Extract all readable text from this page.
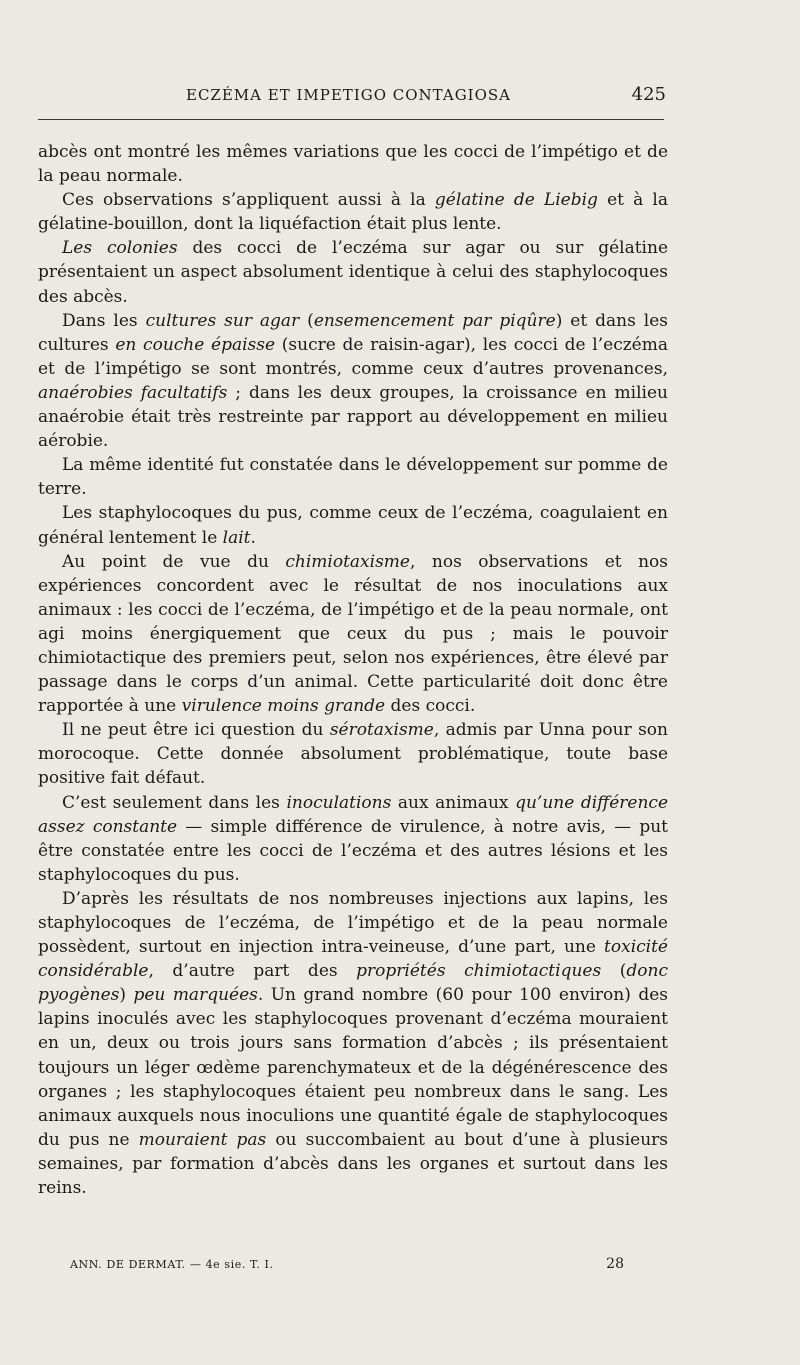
ECZÉMA ET IMPETIGO CONTAGIOSA	425

abcès ont montré les mêmes variations que les cocci de l’impétigo et de la peau normale.

Ces observations s’appliquent aussi à la gélatine de Liebig et à la gélatine-bouillon, dont la liquéfaction était plus lente.

Les colonies des cocci de l’eczéma sur agar ou sur gélatine présentaient un aspect absolument identique à celui des staphylocoques des abcès.

Dans les cultures sur agar (ensemencement par piqûre) et dans les cultures en couche épaisse (sucre de raisin-agar), les cocci de l’eczéma et de l’impétigo se sont montrés, comme ceux d’autres provenances, anaérobies facultatifs ; dans les deux groupes, la croissance en milieu anaérobie était très restreinte par rapport au développement en milieu aérobie.

La même identité fut constatée dans le développement sur pomme de terre.

Les staphylocoques du pus, comme ceux de l’eczéma, coagulaient en général lentement le lait.

Au point de vue du chimiotaxisme, nos observations et nos expériences concordent avec le résultat de nos inoculations aux animaux : les cocci de l’eczéma, de l’impétigo et de la peau normale, ont agi moins énergiquement que ceux du pus ; mais le pouvoir chimiotactique des premiers peut, selon nos expériences, être élevé par passage dans le corps d’un animal. Cette particularité doit donc être rapportée à une virulence moins grande des cocci.

Il ne peut être ici question du sérotaxisme, admis par Unna pour son morocoque. Cette donnée absolument problématique, toute base positive fait défaut.

C’est seulement dans les inoculations aux animaux qu’une différence assez constante — simple différence de virulence, à notre avis, — put être constatée entre les cocci de l’eczéma et des autres lésions et les staphylocoques du pus.

D’après les résultats de nos nombreuses injections aux lapins, les staphylocoques de l’eczéma, de l’impétigo et de la peau normale possèdent, surtout en injection intra-veineuse, d’une part, une toxicité considérable, d’autre part des propriétés chimiotactiques (donc pyogènes) peu marquées. Un grand nombre (60 pour 100 environ) des lapins inoculés avec les staphylocoques provenant d’eczéma mouraient en un, deux ou trois jours sans formation d’abcès ; ils présentaient toujours un léger œdème parenchymateux et de la dégénérescence des organes ; les staphylocoques étaient peu nombreux dans le sang. Les animaux auxquels nous inoculions une quantité égale de staphylocoques du pus ne mouraient pas ou succombaient au bout d’une à plusieurs semaines, par formation d’abcès dans les organes et surtout dans les reins.

ANN. DE DERMAT. — 4e sie. T. I.	28
